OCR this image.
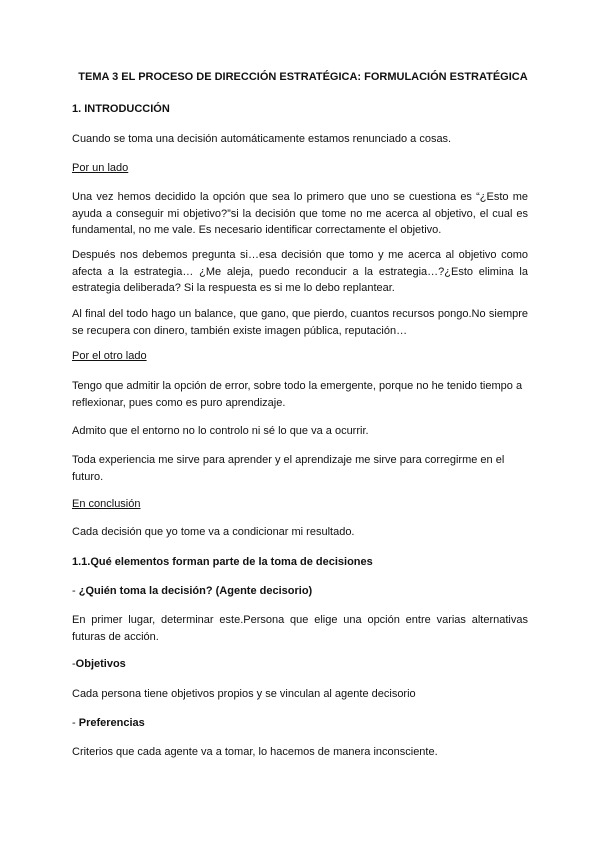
TEMA 3 EL PROCESO DE DIRECCIÓN ESTRATÉGICA: FORMULACIÓN ESTRATÉGICA

1. INTRODUCCIÓN

Cuando se toma una decisión automáticamente estamos renunciado a cosas.

Por un lado

Una vez hemos decidido la opción que sea lo primero que uno se cuestiona es “¿Esto me ayuda a conseguir mi objetivo?”si la decisión que tome no me acerca al objetivo, el cual es fundamental, no me vale. Es necesario identificar correctamente el objetivo.

Después nos debemos pregunta si…esa decisión que tomo y me acerca al objetivo como afecta a la estrategia… ¿Me aleja, puedo reconducir a la estrategia…?¿Esto elimina la estrategia deliberada? Si la respuesta es si me lo debo replantear.

Al final del todo hago un balance, que gano, que pierdo, cuantos recursos pongo.No siempre se recupera con dinero, también existe imagen pública, reputación…

Por el otro lado

Tengo que admitir la opción de error, sobre todo la emergente, porque no he tenido tiempo a reflexionar, pues como es puro aprendizaje.

Admito que el entorno no lo controlo ni sé lo que va a ocurrir.

Toda experiencia me sirve para aprender y el aprendizaje me sirve para corregirme en el futuro.

En conclusión

Cada decisión que yo tome va a condicionar mi resultado.

1.1.Qué elementos forman parte de la toma de decisiones

- ¿Quién toma la decisión? (Agente decisorio)

En primer lugar, determinar este.Persona que elige una opción entre varias alternativas futuras de acción.

-Objetivos

Cada persona tiene objetivos propios y se vinculan al agente decisorio

- Preferencias

Criterios que cada agente va a tomar, lo hacemos de manera inconsciente.
